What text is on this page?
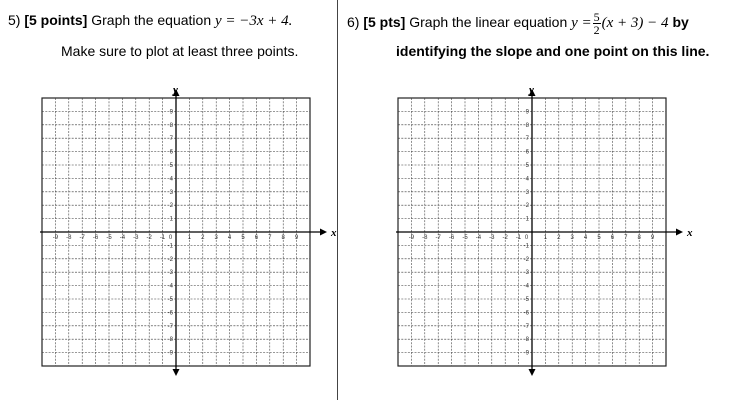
5) [5 points] Graph the equation y = −3x + 4.
Make sure to plot at least three points.
6) [5 pts] Graph the linear equation $y = \frac{5}{2} (x + 3) - 4$ by
identifying the slope and one point on this line.
x
y
-9 -8 -7 -6 -5 -4 -3 -2 -1 0	1 2 3 4 5 6 7 8 9
9
8
7
6
5
4
3
2
1
-1
-2
-3
-4
-5
-6
-7
-8
-9
x
y
-9 -8 -7 -6 -5 -4 -3 -2 -1 0	1 2 3 4 5 6 7 8 9
9
8
7
6
5
4
3
2
1
-1
-2
-3
-4
-5
-6
-7
-8
-9
